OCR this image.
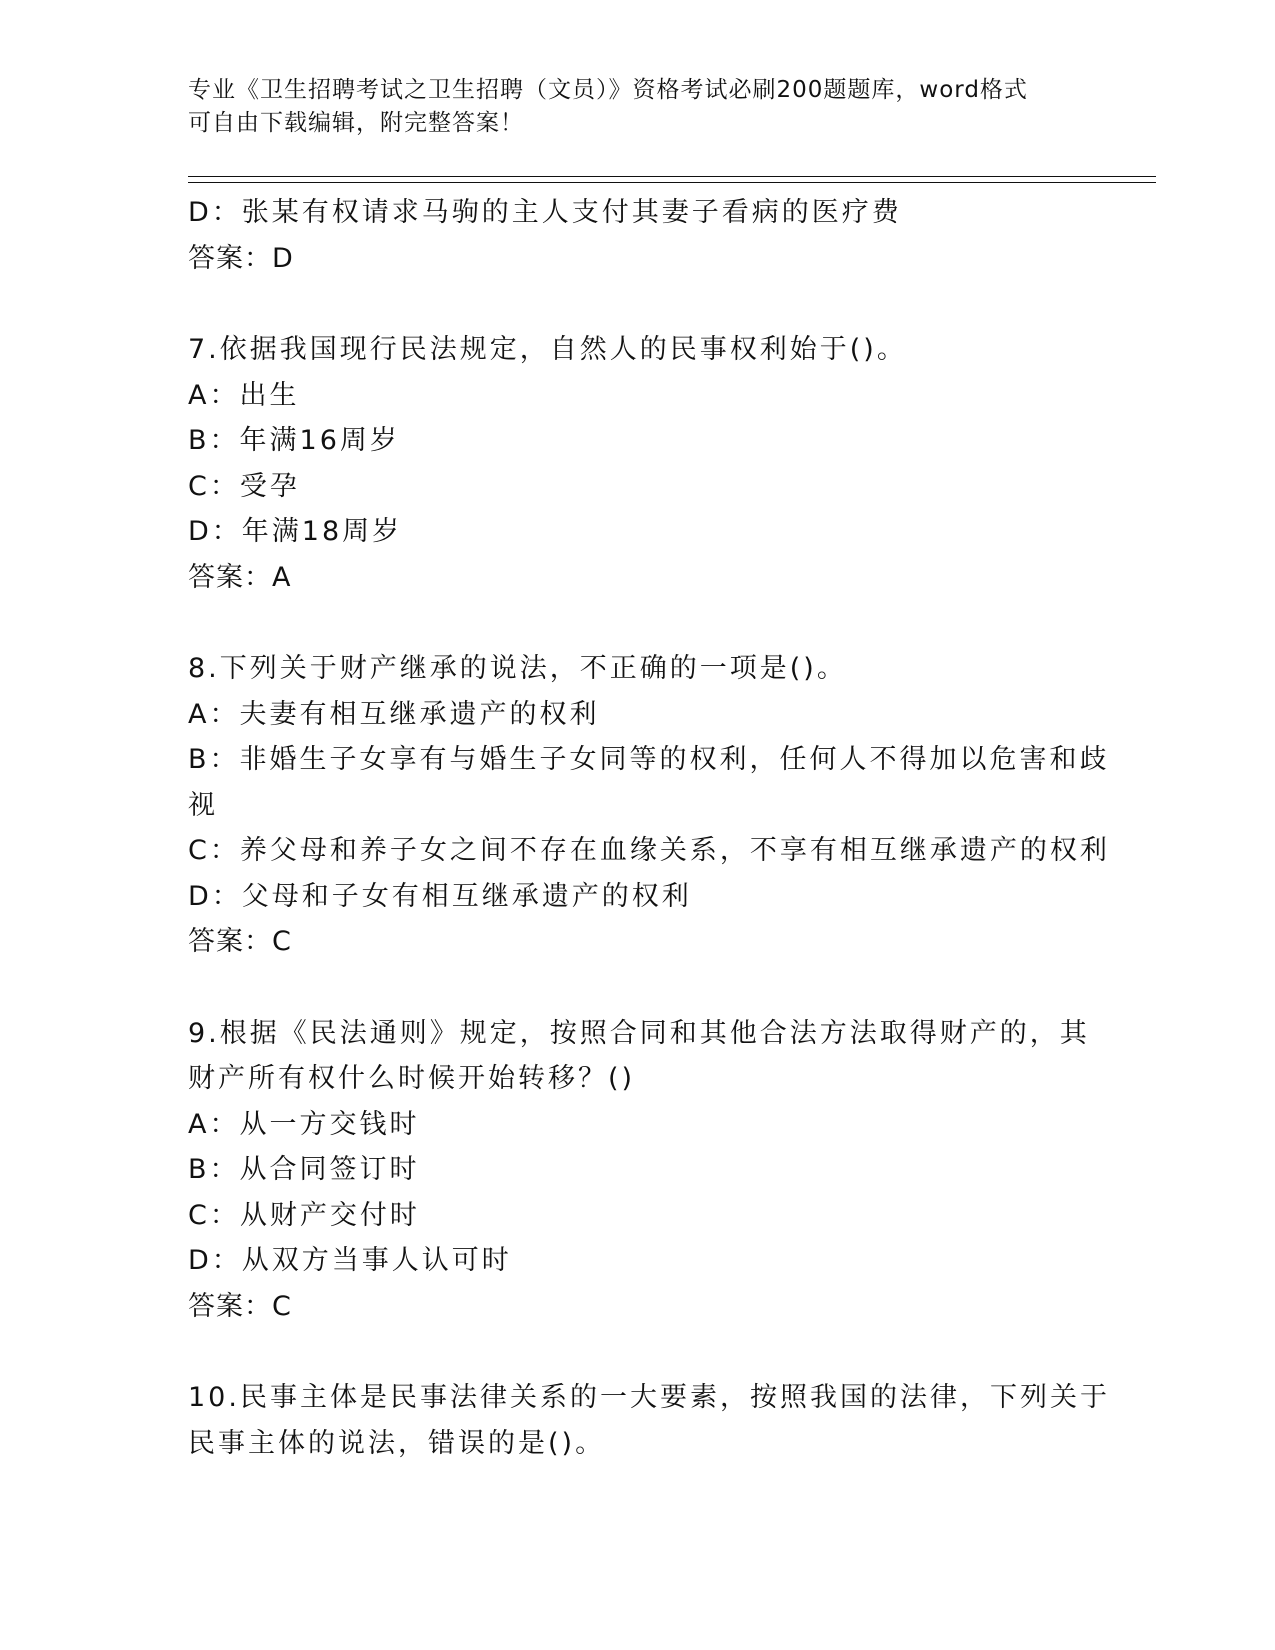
专业《卫生招聘考试之卫生招聘（文员）》资格考试必刷200题题库，word格式
可自由下载编辑，附完整答案！
D：张某有权请求马驹的主人支付其妻子看病的医疗费
答案：D
7.依据我国现行民法规定，自然人的民事权利始于()。
A：出生
B：年满16周岁
C：受孕
D：年满18周岁
答案：A
8.下列关于财产继承的说法，不正确的一项是()。
A：夫妻有相互继承遗产的权利
B：非婚生子女享有与婚生子女同等的权利，任何人不得加以危害和歧
视
C：养父母和养子女之间不存在血缘关系，不享有相互继承遗产的权利
D：父母和子女有相互继承遗产的权利
答案：C
9.根据《民法通则》规定，按照合同和其他合法方法取得财产的，其
财产所有权什么时候开始转移？()
A：从一方交钱时
B：从合同签订时
C：从财产交付时
D：从双方当事人认可时
答案：C
10.民事主体是民事法律关系的一大要素，按照我国的法律，下列关于
民事主体的说法，错误的是()。
